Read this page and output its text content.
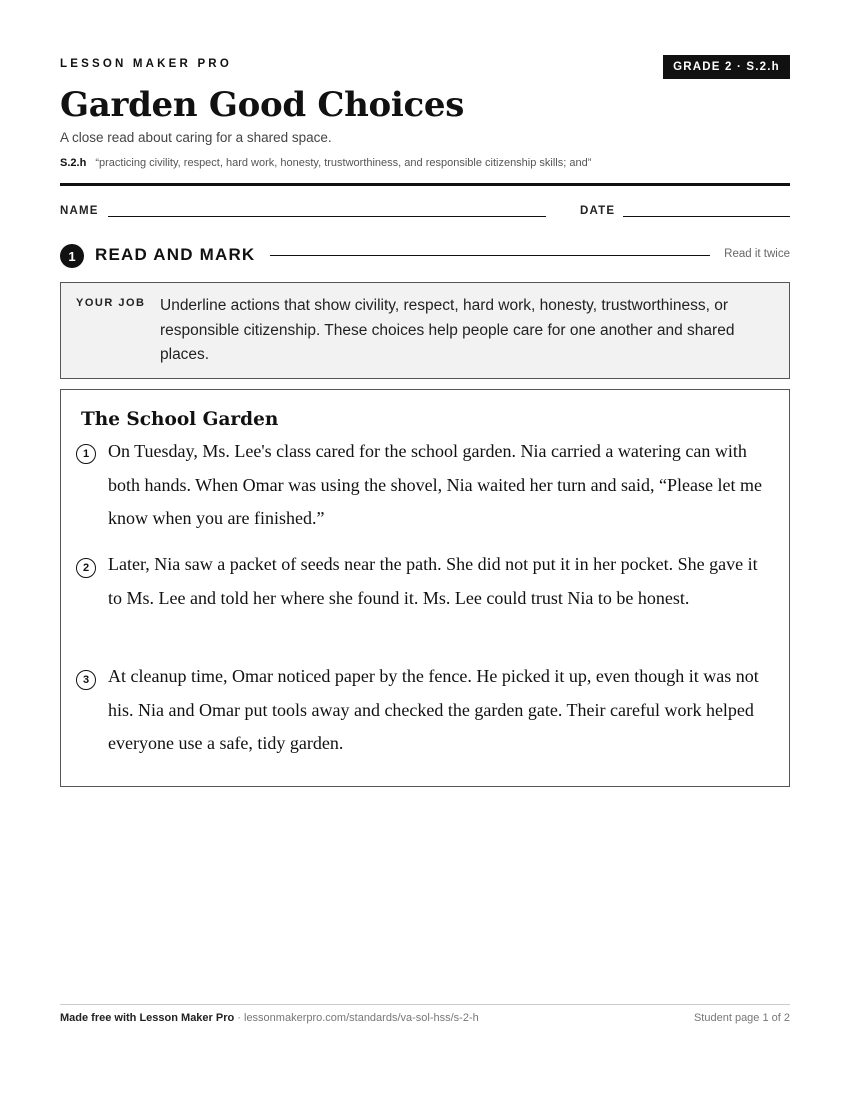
LESSON MAKER PRO	GRADE 2 · S.2.h
Garden Good Choices
A close read about caring for a shared space.
S.2.h “practicing civility, respect, hard work, honesty, trustworthiness, and responsible citizenship skills; and”
NAME	DATE
1	READ AND MARK	Read it twice
YOUR JOB Underline actions that show civility, respect, hard work, honesty, trustworthiness, or responsible citizenship. These choices help people care for one another and shared places.
The School Garden
1	On Tuesday, Ms. Lee's class cared for the school garden. Nia carried a watering can with both hands. When Omar was using the shovel, Nia waited her turn and said, “Please let me know when you are finished.”
2	Later, Nia saw a packet of seeds near the path. She did not put it in her pocket. She gave it to Ms. Lee and told her where she found it. Ms. Lee could trust Nia to be honest.
3	At cleanup time, Omar noticed paper by the fence. He picked it up, even though it was not his. Nia and Omar put tools away and checked the garden gate. Their careful work helped everyone use a safe, tidy garden.
Made free with Lesson Maker Pro · lessonmakerpro.com/standards/va-sol-hss/s-2-h	Student page 1 of 2
